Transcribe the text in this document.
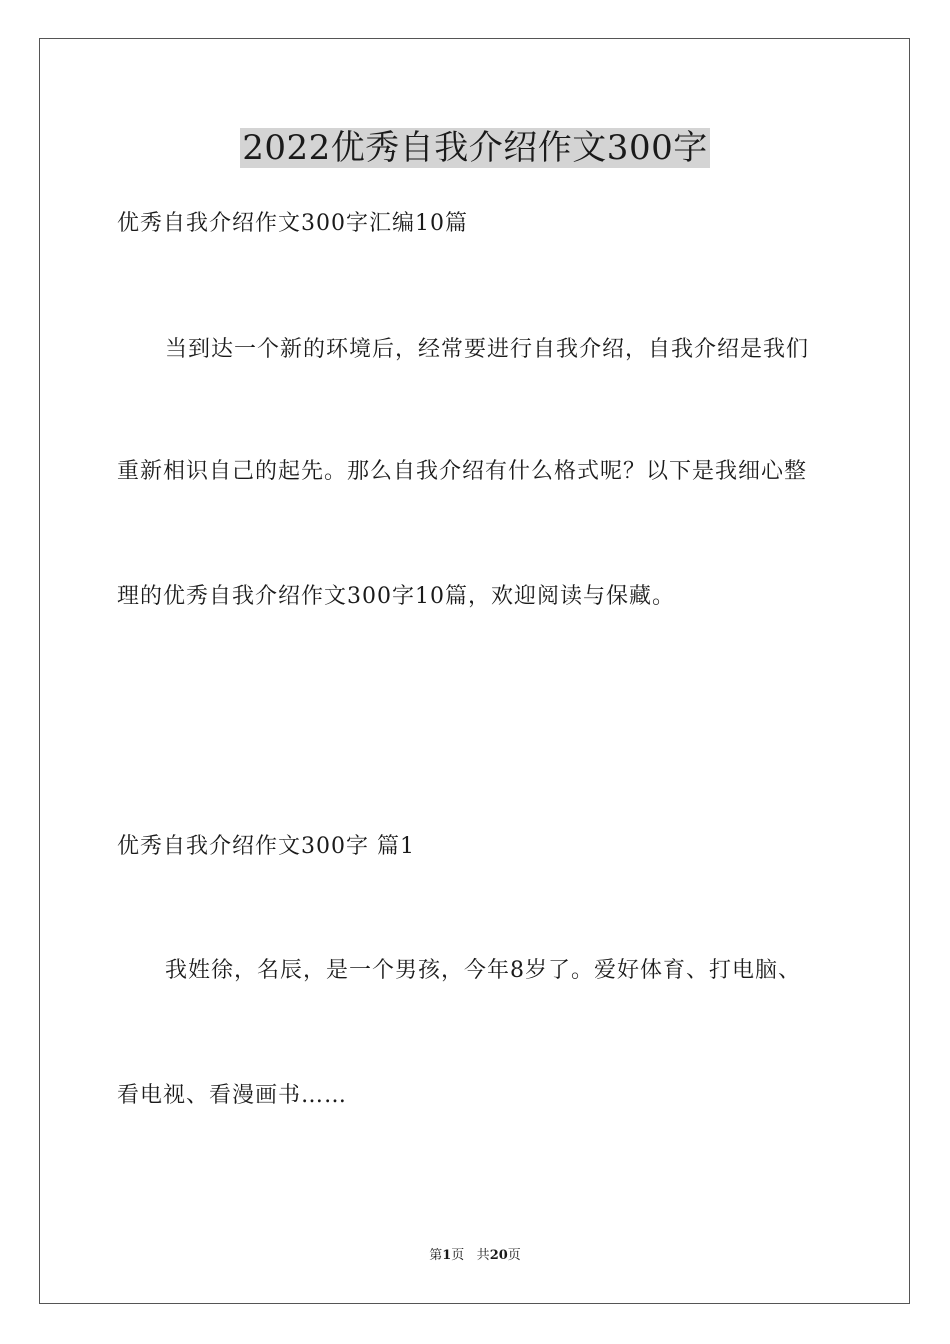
2022优秀自我介绍作文300字
优秀自我介绍作文300字汇编10篇
当到达一个新的环境后，经常要进行自我介绍，自我介绍是我们
重新相识自己的起先。那么自我介绍有什么格式呢？以下是我细心整
理的优秀自我介绍作文300字10篇，欢迎阅读与保藏。
优秀自我介绍作文300字 篇1
我姓徐，名辰，是一个男孩，今年8岁了。爱好体育、打电脑、
看电视、看漫画书……
第1页 共20页
